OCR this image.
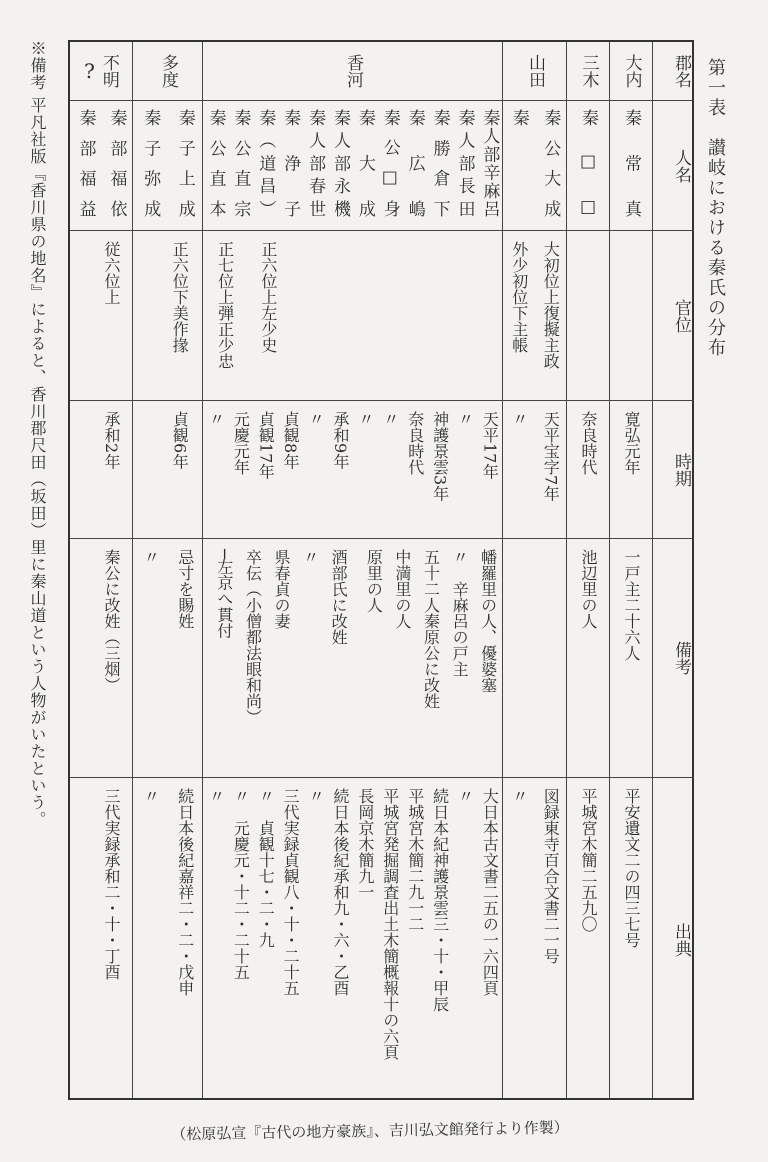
第一表　讃岐における秦氏の分布
※備考 平凡社版『香川県の地名』によると、香川郡尺田（坂田）里に秦山道という人物がいたという。
郡名
人名
官位
時期
備考
出典
大内
秦常真
寛弘元年
一戸主二十六人
平安遺文二の四三七号
三木
秦□□
奈良時代
池辺里の人
平城宮木簡二五九〇
山田
秦公大成
秦
大初位上復擬主政
外少初位下主帳
天平宝字7年
〃
図録東寺百合文書二一号
〃
香河
秦人部辛麻呂
秦人部長田
秦勝倉下
秦広嶋
秦公□身
秦大成
秦人部永機
秦人部春世
秦浄子
秦（道昌）
秦公直宗
秦公直本
正六位上左少史
正七位上弾正少忠
天平17年
〃
神護景雲3年
奈良時代
〃
〃
承和9年
〃
貞観8年
貞観17年
元慶元年
〃
幡羅里の人、優婆塞
〃　辛麻呂の戸主
五十二人秦原公に改姓
中満里の人
原里の人
酒部氏に改姓
〃
県春貞の妻
卒伝（小僧都法眼和尚）
─左京へ貫付
大日本古文書二五の一六四頁
〃
続日本紀神護景雲三・十・甲辰
平城宮木簡二九一二
平城宮発掘調査出土木簡概報十の六頁
長岡京木簡九一
続日本後紀承和九・六・乙酉
〃
三代実録貞観八・十・二十五
〃　貞観十七・二・九
〃　元慶元・十二・二十五
〃
多度
秦子上成
秦子弥成
正六位下美作掾
貞観6年
忌寸を賜姓
〃
続日本後紀嘉祥二・二・戊申
〃
不明
?
秦部福依
秦部福益
従六位上
承和2年
秦公に改姓（三烟）
三代実録承和二・十・丁酉
（松原弘宣『古代の地方豪族』、吉川弘文館発行より作製）
